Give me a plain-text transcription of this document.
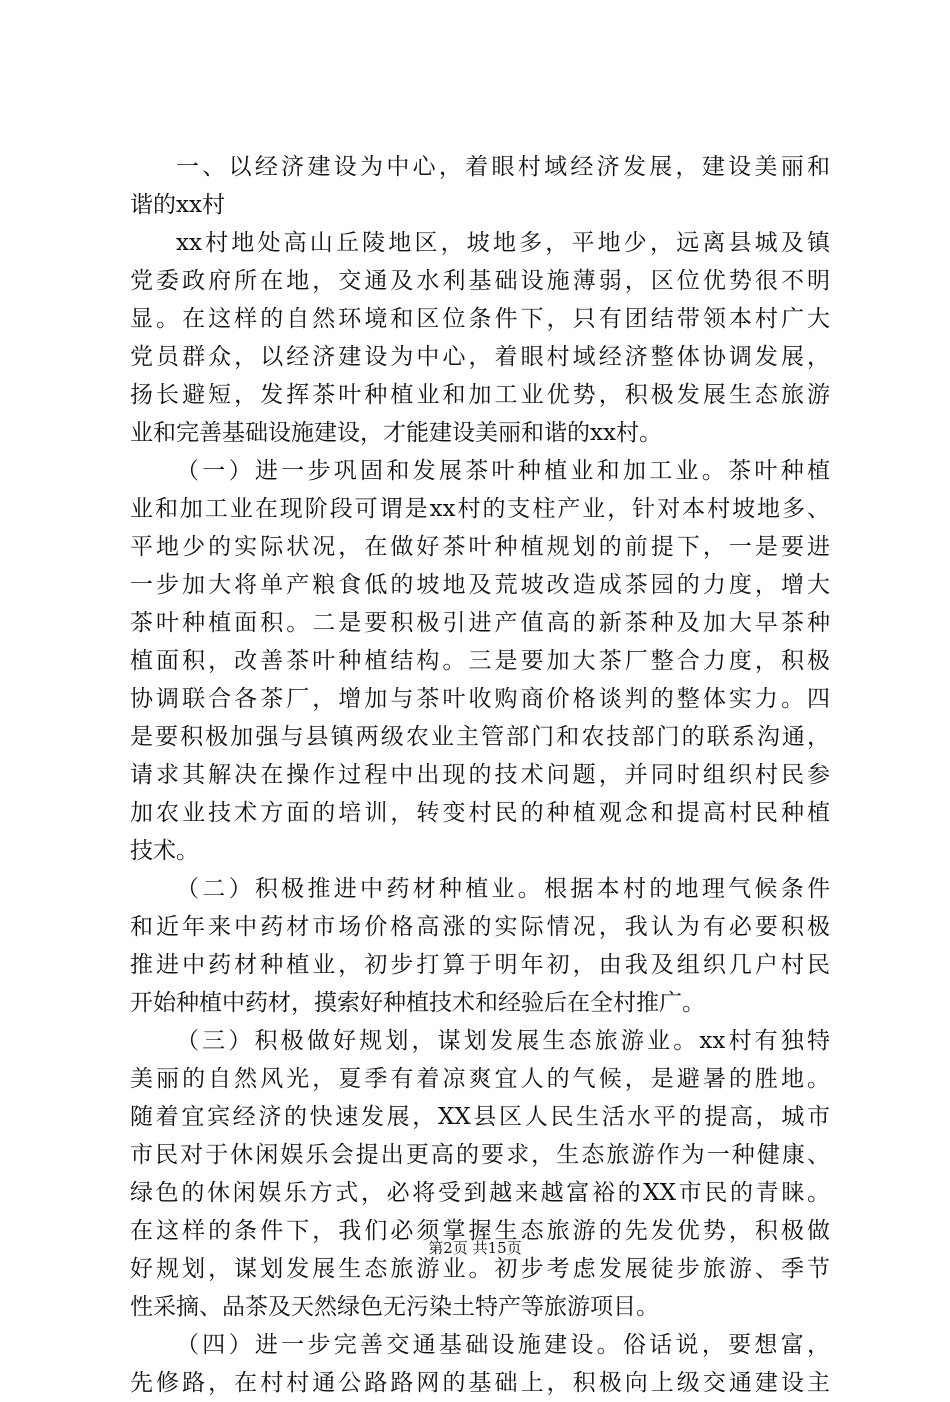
一、以经济建设为中心，着眼村域经济发展，建设美丽和
谐的xx村
xx村地处高山丘陵地区，坡地多，平地少，远离县城及镇
党委政府所在地，交通及水利基础设施薄弱，区位优势很不明
显。在这样的自然环境和区位条件下，只有团结带领本村广大
党员群众，以经济建设为中心，着眼村域经济整体协调发展，
扬长避短，发挥茶叶种植业和加工业优势，积极发展生态旅游
业和完善基础设施建设，才能建设美丽和谐的xx村。
（一）进一步巩固和发展茶叶种植业和加工业。茶叶种植
业和加工业在现阶段可谓是xx村的支柱产业，针对本村坡地多、
平地少的实际状况，在做好茶叶种植规划的前提下，一是要进
一步加大将单产粮食低的坡地及荒坡改造成茶园的力度，增大
茶叶种植面积。二是要积极引进产值高的新茶种及加大早茶种
植面积，改善茶叶种植结构。三是要加大茶厂整合力度，积极
协调联合各茶厂，增加与茶叶收购商价格谈判的整体实力。四
是要积极加强与县镇两级农业主管部门和农技部门的联系沟通，
请求其解决在操作过程中出现的技术问题，并同时组织村民参
加农业技术方面的培训，转变村民的种植观念和提高村民种植
技术。
（二）积极推进中药材种植业。根据本村的地理气候条件
和近年来中药材市场价格高涨的实际情况，我认为有必要积极
推进中药材种植业，初步打算于明年初，由我及组织几户村民
开始种植中药材，摸索好种植技术和经验后在全村推广。
（三）积极做好规划，谋划发展生态旅游业。xx村有独特
美丽的自然风光，夏季有着凉爽宜人的气候，是避暑的胜地。
随着宜宾经济的快速发展，XX县区人民生活水平的提高，城市
市民对于休闲娱乐会提出更高的要求，生态旅游作为一种健康、
绿色的休闲娱乐方式，必将受到越来越富裕的XX市民的青睐。
在这样的条件下，我们必须掌握生态旅游的先发优势，积极做
好规划，谋划发展生态旅游业。初步考虑发展徒步旅游、季节
性采摘、品茶及天然绿色无污染土特产等旅游项目。
（四）进一步完善交通基础设施建设。俗话说，要想富，
先修路，在村村通公路路网的基础上，积极向上级交通建设主
第2页 共15页
